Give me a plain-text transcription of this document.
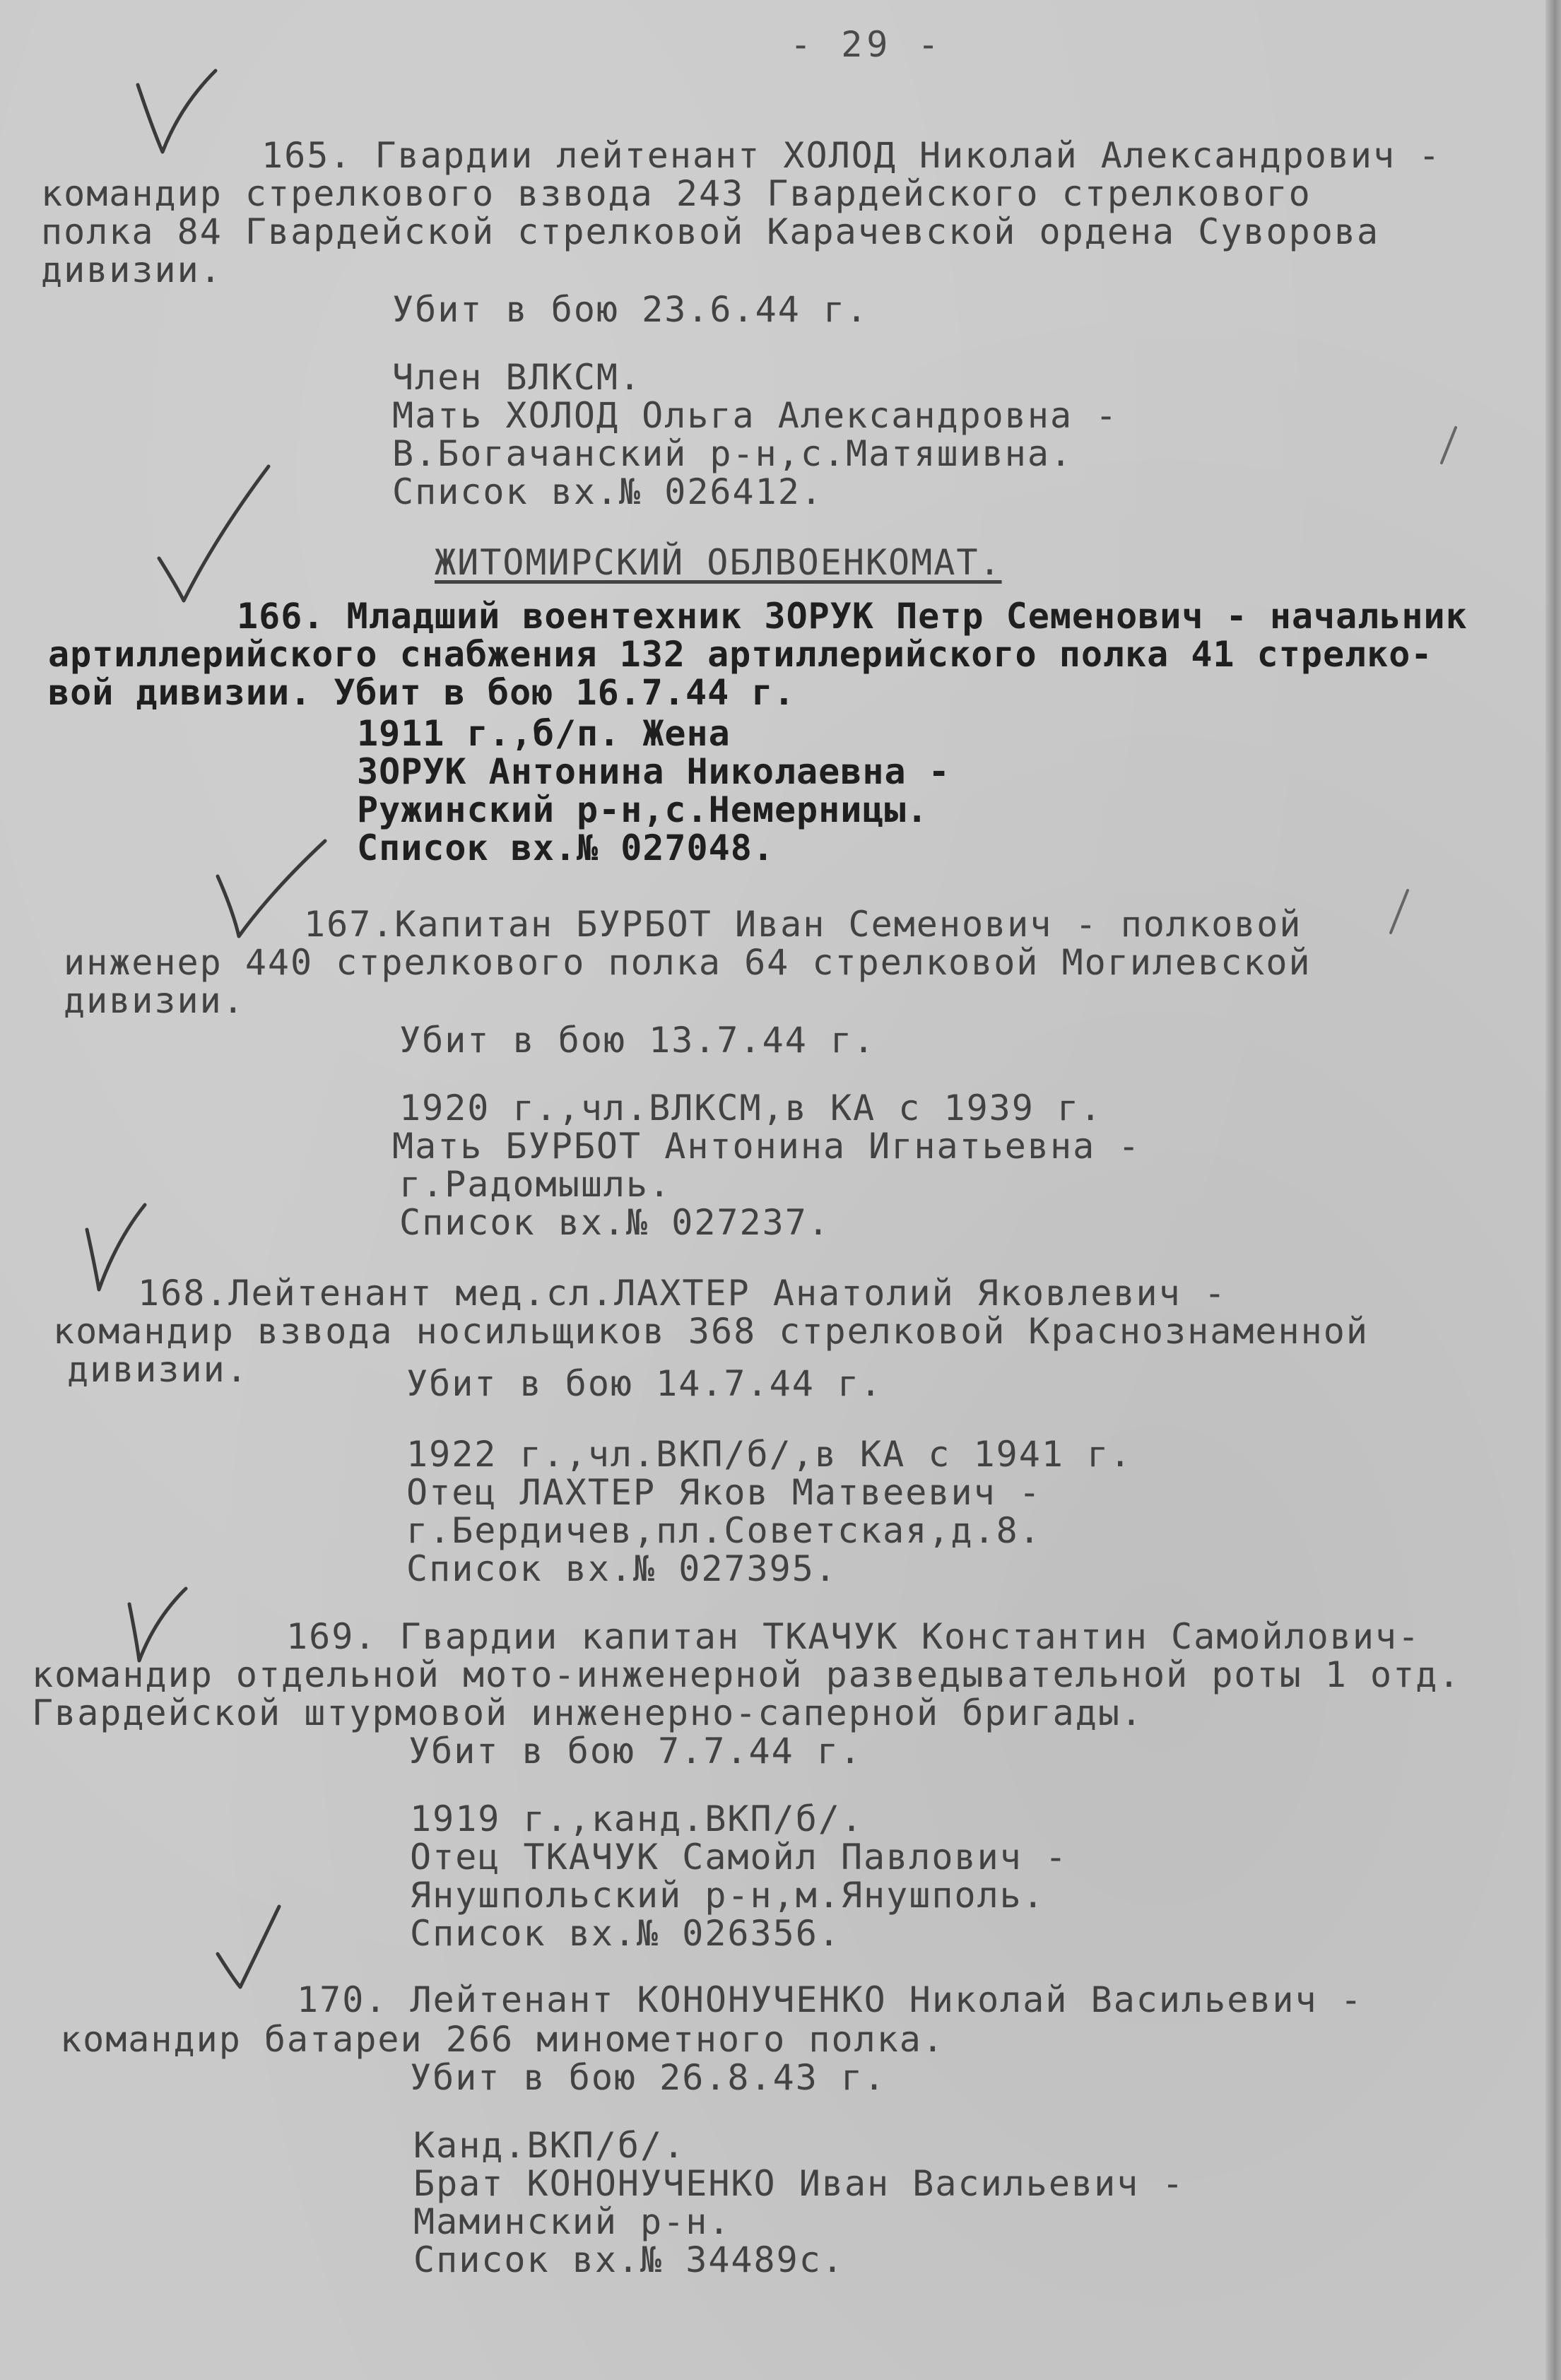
- 29 -
165. Гвардии лейтенант ХОЛОД Николай Александрович -
командир стрелкового взвода 243 Гвардейского стрелкового
полка 84 Гвардейской стрелковой Карачевской ордена Суворова
дивизии.
Убит в бою 23.6.44 г.
Член ВЛКСМ.
Мать ХОЛОД Ольга Александровна -
В.Богачанский р-н,с.Матяшивна.
Список вх.№ 026412.
ЖИТОМИРСКИЙ ОБЛВОЕНКОМАТ.
166. Младший воентехник ЗОРУК Петр Семенович - начальник
артиллерийского снабжения 132 артиллерийского полка 41 стрелко-
вой дивизии. Убит в бою 16.7.44 г.
1911 г.,б/п. Жена
ЗОРУК Антонина Николаевна -
Ружинский р-н,с.Немерницы.
Список вх.№ 027048.
167.Капитан БУРБОТ Иван Семенович - полковой
инженер 440 стрелкового полка 64 стрелковой Могилевской
дивизии.
Убит в бою 13.7.44 г.
1920 г.,чл.ВЛКСМ,в КА с 1939 г.
Мать БУРБОТ Антонина Игнатьевна -
г.Радомышль.
Список вх.№ 027237.
168.Лейтенант мед.сл.ЛАХТЕР Анатолий Яковлевич -
командир взвода носильщиков 368 стрелковой Краснознаменной
дивизии.	Убит в бою 14.7.44 г.
1922 г.,чл.ВКП/б/,в КА с 1941 г.
Отец ЛАХТЕР Яков Матвеевич -
г.Бердичев,пл.Советская,д.8.
Список вх.№ 027395.
169. Гвардии капитан ТКАЧУК Константин Самойлович-
командир отдельной мото-инженерной разведывательной роты 1 отд.
Гвардейской штурмовой инженерно-саперной бригады.
Убит в бою 7.7.44 г.
1919 г.,канд.ВКП/б/.
Отец ТКАЧУК Самойл Павлович -
Янушпольский р-н,м.Янушполь.
Список вх.№ 026356.
170. Лейтенант КОНОНУЧЕНКО Николай Васильевич -
командир батареи 266 минометного полка.
Убит в бою 26.8.43 г.
Канд.ВКП/б/.
Брат КОНОНУЧЕНКО Иван Васильевич -
Маминский р-н.
Список вх.№ 34489с.
